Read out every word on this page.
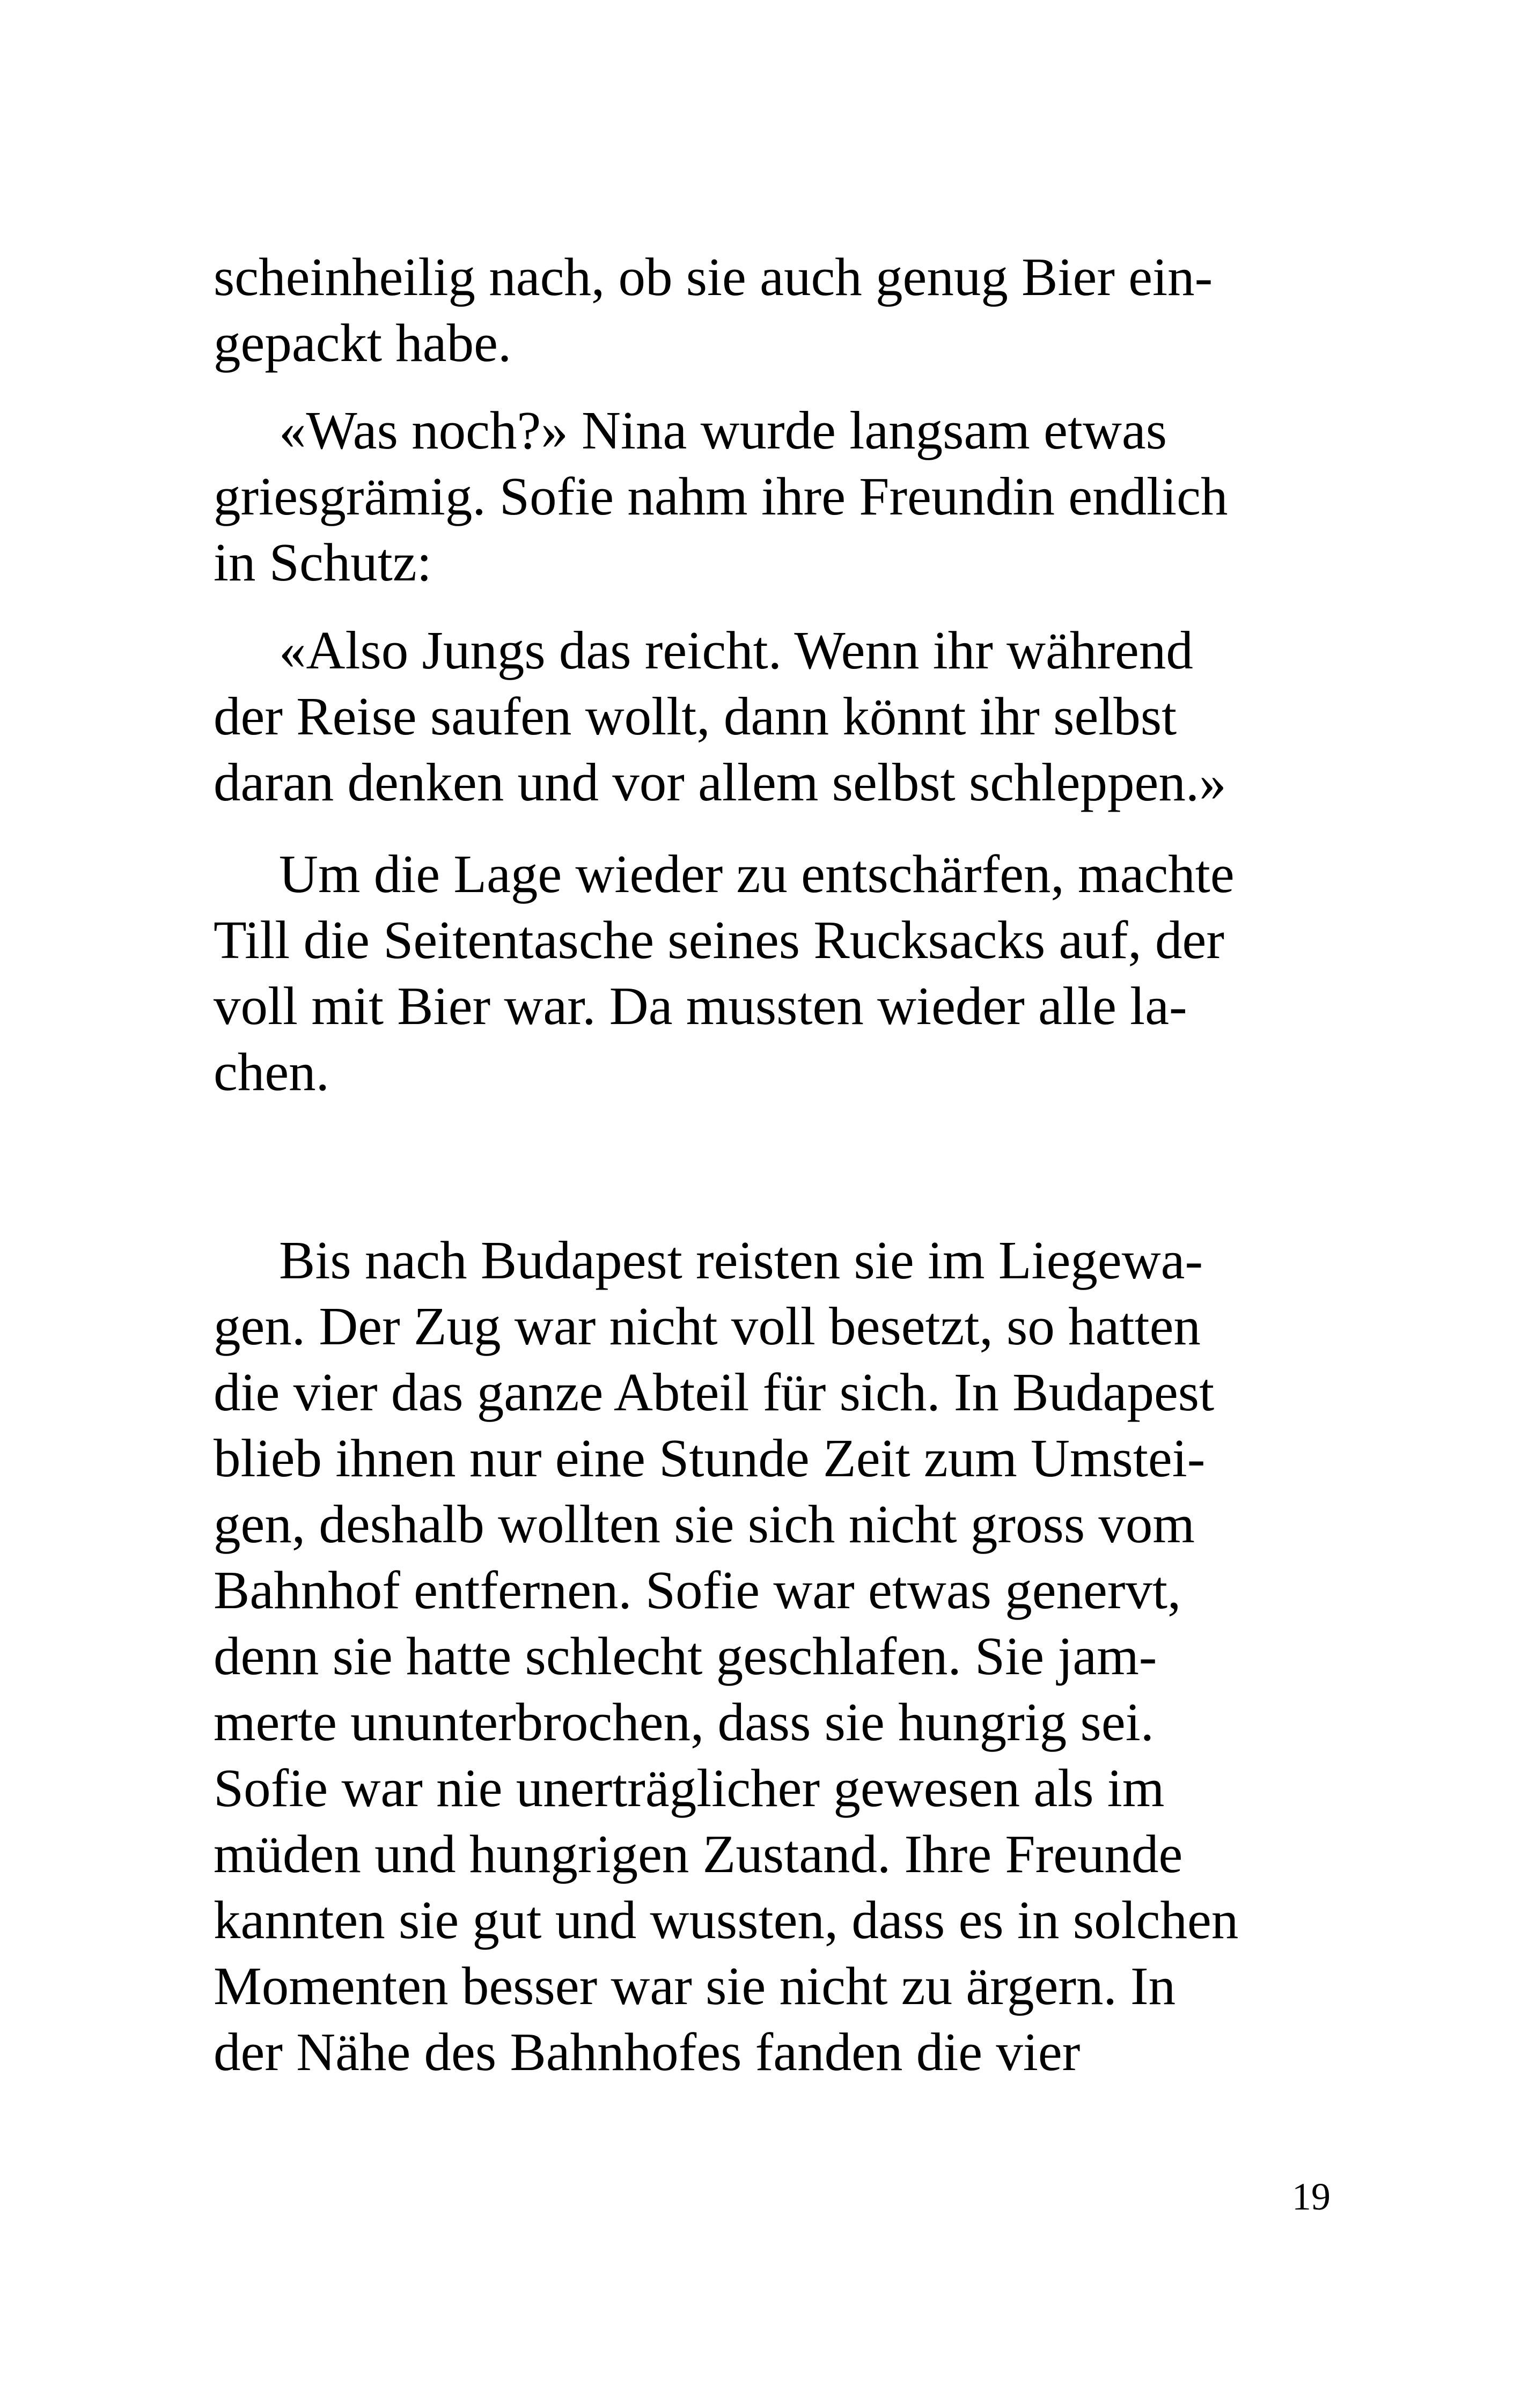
scheinheilig nach, ob sie auch genug Bier ein-
gepackt habe.
«Was noch?» Nina wurde langsam etwas
griesgrämig. Sofie nahm ihre Freundin endlich
in Schutz:
«Also Jungs das reicht. Wenn ihr während
der Reise saufen wollt, dann könnt ihr selbst
daran denken und vor allem selbst schleppen.»
Um die Lage wieder zu entschärfen, machte
Till die Seitentasche seines Rucksacks auf, der
voll mit Bier war. Da mussten wieder alle la-
chen.
Bis nach Budapest reisten sie im Liegewa-
gen. Der Zug war nicht voll besetzt, so hatten
die vier das ganze Abteil für sich. In Budapest
blieb ihnen nur eine Stunde Zeit zum Umstei-
gen, deshalb wollten sie sich nicht gross vom
Bahnhof entfernen. Sofie war etwas genervt,
denn sie hatte schlecht geschlafen. Sie jam-
merte ununterbrochen, dass sie hungrig sei.
Sofie war nie unerträglicher gewesen als im
müden und hungrigen Zustand. Ihre Freunde
kannten sie gut und wussten, dass es in solchen
Momenten besser war sie nicht zu ärgern. In
der Nähe des Bahnhofes fanden die vier
19
